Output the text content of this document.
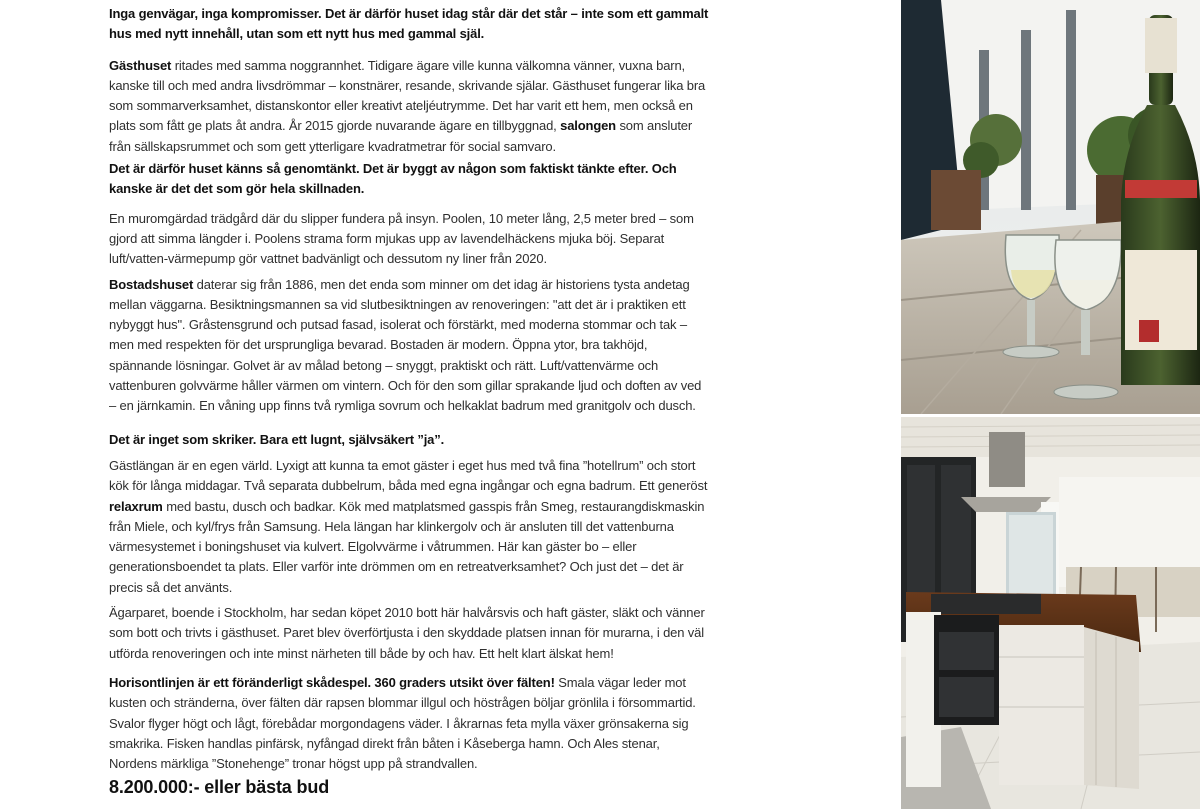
Inga genvägar, inga kompromisser. Det är därför huset idag står där det står – inte som ett gammalt hus med nytt innehåll, utan som ett nytt hus med gammal själ.

Gästhuset ritades med samma noggrannhet. Tidigare ägare ville kunna välkomna vänner, vuxna barn, kanske till och med andra livsdrömmar – konstnärer, resande, skrivande själar. Gästhuset fungerar lika bra som sommarverksamhet, distanskontor eller kreativt ateljéutrymme. Det har varit ett hem, men också en plats som fått ge plats åt andra. År 2015 gjorde nuvarande ägare en tillbyggnad, salongen som ansluter från sällskapsrummet och som gett ytterligare kvadratmetrar för social samvaro.

Det är därför huset känns så genomtänkt. Det är byggt av någon som faktiskt tänkte efter. Och kanske är det det som gör hela skillnaden.

En muromgärdad trädgård där du slipper fundera på insyn. Poolen, 10 meter lång, 2,5 meter bred – som gjord att simma längder i. Poolens strama form mjukas upp av lavendelhäckens mjuka böj. Separat luft/vatten-värmepump gör vattnet badvänligt och dessutom ny liner från 2020.

Bostadshuset daterar sig från 1886, men det enda som minner om det idag är historiens tysta andetag mellan väggarna. Besiktningsmannen sa vid slutbesiktningen av renoveringen: "att det är i praktiken ett nybyggt hus". Gråstensgrund och putsad fasad, isolerat och förstärkt, med moderna stommar och tak – men med respekten för det ursprungliga bevarad. Bostaden är modern. Öppna ytor, bra takhöjd, spännande lösningar. Golvet är av målad betong – snyggt, praktiskt och rätt. Luft/vattenvärme och vattenburen golvvärme håller värmen om vintern. Och för den som gillar sprakande ljud och doften av ved – en järnkamin. En våning upp finns två rymliga sovrum och helkaklat badrum med granitgolv och dusch.

Det är inget som skriker. Bara ett lugnt, självsäkert ”ja”.

Gästlängan är en egen värld. Lyxigt att kunna ta emot gäster i eget hus med två fina ”hotellrum” och stort kök för långa middagar. Två separata dubbelrum, båda med egna ingångar och egna badrum. Ett generöst relaxrum med bastu, dusch och badkar. Kök med matplatsmed gasspis från Smeg, restaurangdiskmaskin från Miele, och kyl/frys från Samsung. Hela längan har klinkergolv och är ansluten till det vattenburna värmesystemet i boningshuset via kulvert. Elgolvvärme i våtrummen. Här kan gäster bo – eller generationsboendet ta plats. Eller varför inte drömmen om en retreatverksamhet? Och just det – det är precis så det använts.

Ägarparet, boende i Stockholm, har sedan köpet 2010 bott här halvårsvis och haft gäster, släkt och vänner som bott och trivts i gästhuset. Paret blev överförtjusta i den skyddade platsen innan för murarna, i den väl utförda renoveringen och inte minst närheten till både by och hav. Ett helt klart älskat hem!

Horisontlinjen är ett föränderligt skådespel. 360 graders utsikt över fälten! Smala vägar leder mot kusten och stränderna, över fälten där rapsen blommar illgul och höstrågen böljar grönlila i försommartid. Svalor flyger högt och lågt, förebådar morgondagens väder. I åkrarnas feta mylla växer grönsakerna sig smakrika. Fisken handlas pinfärsk, nyfångad direkt från båten i Kåseberga hamn. Och Ales stenar, Nordens märkliga ”Stonehenge” tronar högst upp på strandvallen.

8.200.000:- eller bästa bud
